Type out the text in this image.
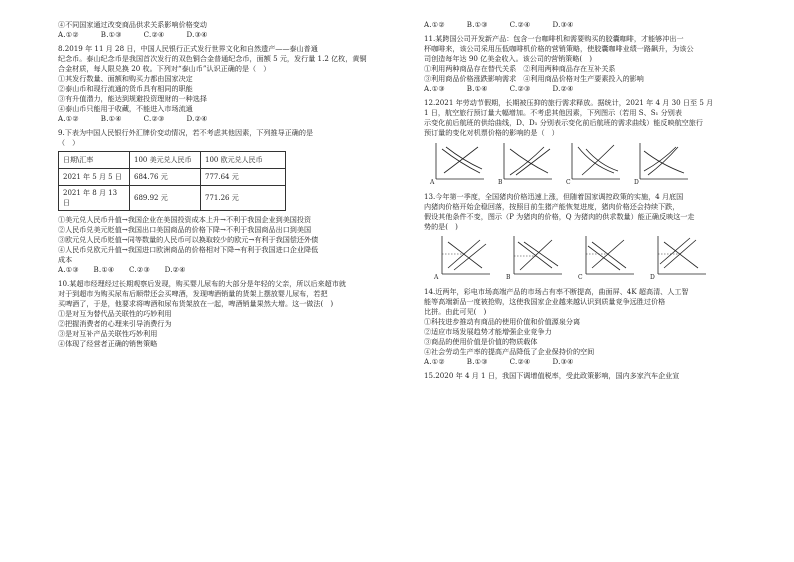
④不同国家通过改变商品供求关系影响价格变动
A.①②　　　B.①③　　　C.②④　　　D.③④
8.2019 年 11 月 28 日，中国人民银行正式发行世界文化和自然遗产——泰山普通
纪念币。泰山纪念币是我国首次发行的双色铜合金普通纪念币，面额 5 元，发行量 1.2 亿枚，黄铜
合金材质，每人限兑换 20 枚。下列对“泰山币”认识正确的是（　）
①其发行数量、面额和购买力都由国家决定
②泰山币和现行流通的货币具有相同的职能
③有升值潜力，能达到规避投资理财的一种选择
④泰山币只能用于收藏，不能进入市场流通
A.①②　　　B.①④　　　C.②③　　　D.②④
9.下表为中国人民银行外汇牌价变动情况，若不考虑其他因素，下列推导正确的是
（　）
日期\汇率	100 美元兑人民币	100 欧元兑人民币
2021 年 5 月 5 日	684.76 元	777.64 元
2021 年 8 月 13 日	689.92 元	771.26 元
①美元兑人民币升值→我国企业在美国投资成本上升→不利于我国企业到美国投资
②人民币兑美元贬值→我国出口美国商品的价格下降→不利于我国商品出口到美国
③欧元兑人民币贬值→同等数量的人民币可以换取较少的欧元→有利于我国偿还外债
④人民币兑欧元升值→我国进口欧洲商品的价格相对下降→有利于我国进口企业降低
成本
A.①③　　B.①④　　C.②③　　D.②④
10.某超市经理经过长期观察后发现，购买婴儿尿布的大部分是年轻的父亲，所以后来超市就
对于到超市为购买尿布后顺带还会买啤酒，发现啤酒销量的货架上摆放婴儿尿布，若把
买啤酒了，于是，他要求将啤酒和尿布货架放在一起，啤酒销量果然大增。这一做法(　)
①是对互为替代品关联性的巧妙利用
②把握消费者的心理来引导消费行为
③是对互补产品关联性巧妙利用
④体现了经营者正确的销售策略
A.①②　　　B.①③　　　C.②④　　　D.③④
11.某跨国公司开发新产品：包含一台咖啡机和需要购买的胶囊咖啡，才能够冲出一
杯咖啡来，该公司采用压低咖啡机价格的营销策略，使胶囊咖啡业绩一路飙升，为该公
司创造每年达 90 亿美金收入。该公司的营销策略(　)
①利用两种商品存在替代关系　②利用两种商品存在互补关系
③利用商品价格涨跌影响需求　④利用商品价格对生产要素投入的影响
A.①③　　　B.①④　　　C.②③　　　D.②④
12.2021 年劳动节假期，长期被压抑的旅行需求释放。据统计，2021 年 4 月 30 日至 5 月
1 日，航空旅行预订量大幅增加。不考虑其他因素，下列图示（若用 S、S₁ 分别表
示变化前后航班的供给曲线，D、D₁ 分别表示变化前后航班的需求曲线）能反映航空旅行
预订量的变化对机票价格的影响的是（　）
A	B	C	D
13.今年第一季度，全国猪肉价格迅速上涨，但随着国家调控政策的实施，4 月底国
内猪肉价格开始企稳回落，按照目前生猪产能恢复进度，猪肉价格还会持续下跌，
假设其他条件不变，图示（P 为猪肉的价格，Q 为猪肉的供求数量）能正确反映这一走
势的是(　)
A	B	C	D
14.近两年，彩电市场高端产品的市场占有率不断提高，曲面屏、4K 超高清、人工智
能等高端新品一度被抢购，这使我国家企业越来越认识到质量竞争远胜过价格
比拼。由此可见(　)
①科技进步推动有商品的使用价值和价值源泉分离
②适应市场发展趋势才能增强企业竞争力
③商品的使用价值是价值的物质载体
④社会劳动生产率的提高产品降低了企业保持价的空间
A.①②　　　B.①③　　　C.②④　　　D.③④
15.2020 年 4 月 1 日，我国下调增值税率，受此政策影响，国内多家汽车企业宣
